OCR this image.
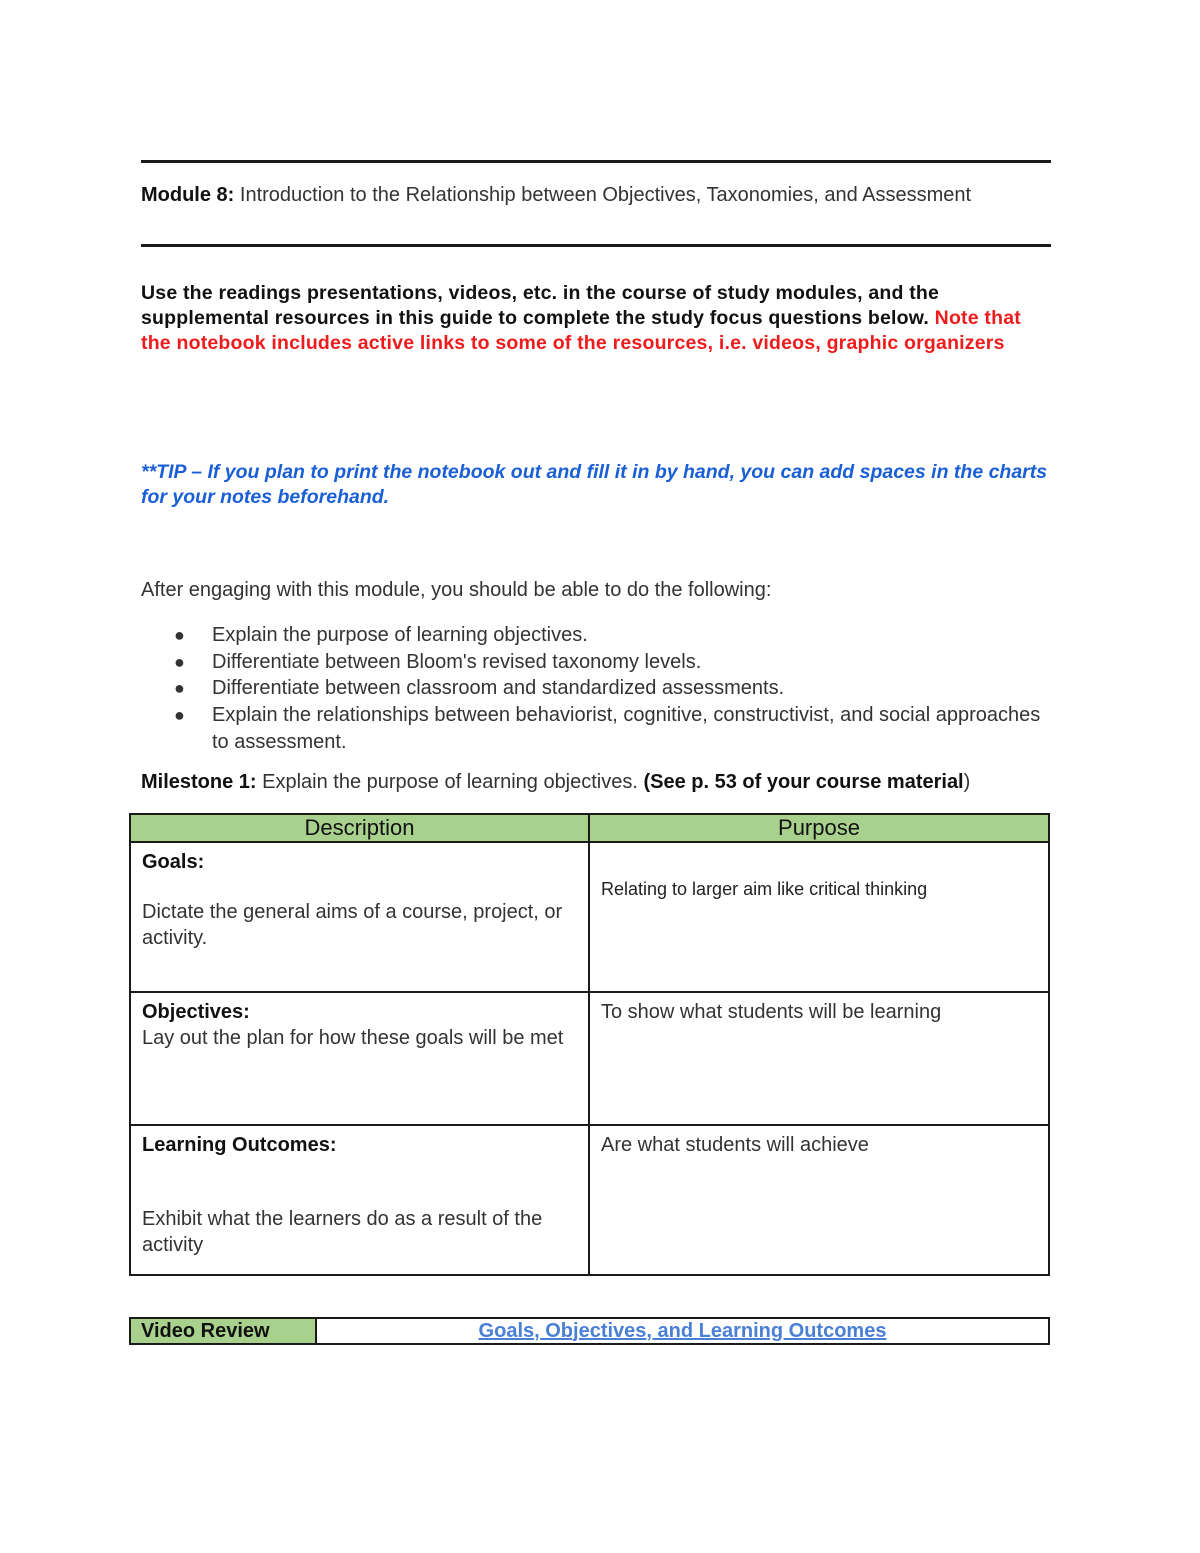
Module 8: Introduction to the Relationship between Objectives, Taxonomies, and Assessment
Use the readings presentations, videos, etc. in the course of study modules, and the supplemental resources in this guide to complete the study focus questions below. Note that the notebook includes active links to some of the resources, i.e. videos, graphic organizers
**TIP – If you plan to print the notebook out and fill it in by hand, you can add spaces in the charts for your notes beforehand.
After engaging with this module, you should be able to do the following:
● Explain the purpose of learning objectives.
● Differentiate between Bloom's revised taxonomy levels.
● Differentiate between classroom and standardized assessments.
● Explain the relationships between behaviorist, cognitive, constructivist, and social approaches to assessment.
Milestone 1: Explain the purpose of learning objectives. (See p. 53 of your course material)
Description	Purpose

Goals:
Dictate the general aims of a course, project, or activity.	Relating to larger aim like critical thinking

Objectives:
Lay out the plan for how these goals will be met	To show what students will be learning

Learning Outcomes:
Exhibit what the learners do as a result of the activity	Are what students will achieve
Video Review	Goals, Objectives, and Learning Outcomes
